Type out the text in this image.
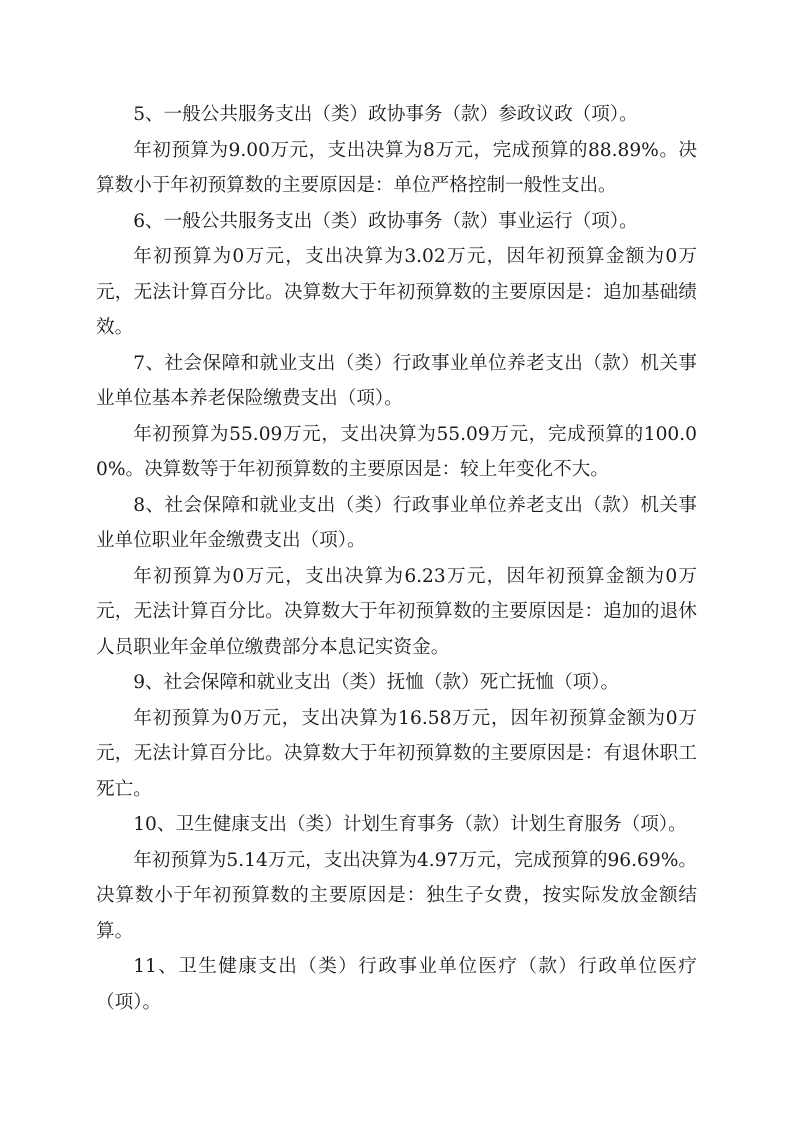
5、一般公共服务支出（类）政协事务（款）参政议政（项）。

年初预算为9.00万元，支出决算为8万元，完成预算的88.89%。决算数小于年初预算数的主要原因是：单位严格控制一般性支出。

6、一般公共服务支出（类）政协事务（款）事业运行（项）。

年初预算为0万元，支出决算为3.02万元，因年初预算金额为0万元，无法计算百分比。决算数大于年初预算数的主要原因是：追加基础绩效。

7、社会保障和就业支出（类）行政事业单位养老支出（款）机关事业单位基本养老保险缴费支出（项）。

年初预算为55.09万元，支出决算为55.09万元，完成预算的100.00%。决算数等于年初预算数的主要原因是：较上年变化不大。

8、社会保障和就业支出（类）行政事业单位养老支出（款）机关事业单位职业年金缴费支出（项）。

年初预算为0万元，支出决算为6.23万元，因年初预算金额为0万元，无法计算百分比。决算数大于年初预算数的主要原因是：追加的退休人员职业年金单位缴费部分本息记实资金。

9、社会保障和就业支出（类）抚恤（款）死亡抚恤（项）。

年初预算为0万元，支出决算为16.58万元，因年初预算金额为0万元，无法计算百分比。决算数大于年初预算数的主要原因是：有退休职工死亡。

10、卫生健康支出（类）计划生育事务（款）计划生育服务（项）。

年初预算为5.14万元，支出决算为4.97万元，完成预算的96.69%。决算数小于年初预算数的主要原因是：独生子女费，按实际发放金额结算。

11、卫生健康支出（类）行政事业单位医疗（款）行政单位医疗（项）。
